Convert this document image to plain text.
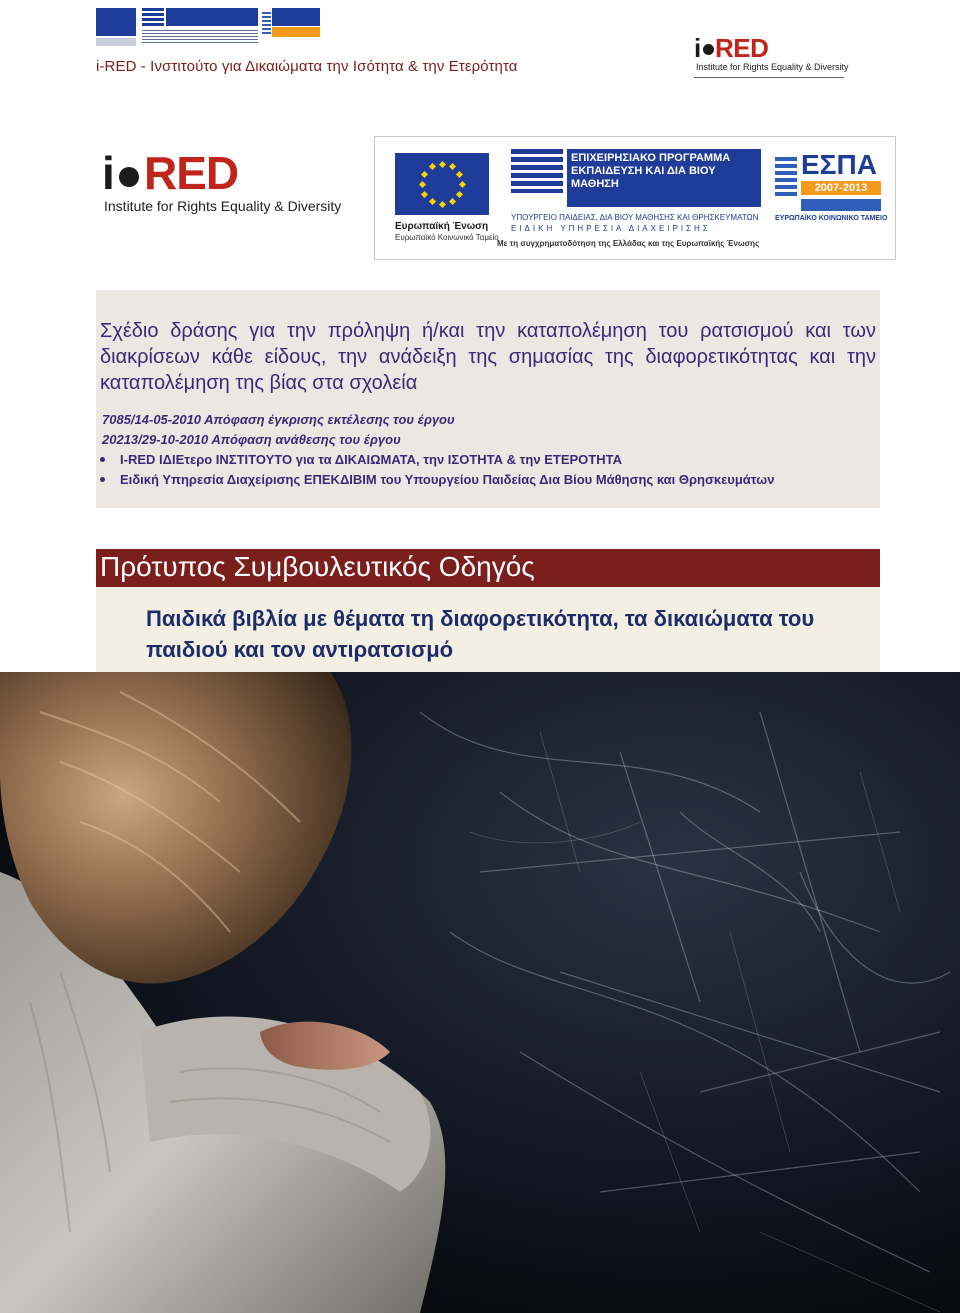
i-RED - Ινστιτούτο για Δικαιώματα την Ισότητα & την Ετερότητα
i RED
Institute for Rights Equality & Diversity
i RED
Institute for Rights Equality & Diversity
Ευρωπαϊκή Ένωση
Ευρωπαϊκό Κοινωνικό Ταμείο
ΕΠΙΧΕΙΡΗΣΙΑΚΟ ΠΡΟΓΡΑΜΜΑ ΕΚΠΑΙΔΕΥΣΗ ΚΑΙ ΔΙΑ ΒΙΟΥ ΜΑΘΗΣΗ
ΥΠΟΥΡΓΕΙΟ ΠΑΙΔΕΙΑΣ, ΔΙΑ ΒΙΟΥ ΜΑΘΗΣΗΣ ΚΑΙ ΘΡΗΣΚΕΥΜΑΤΩΝ
ΕΙΔΙΚΗ ΥΠΗΡΕΣΙΑ ΔΙΑΧΕΙΡΙΣΗΣ
Με τη συγχρηματοδότηση της Ελλάδας και της Ευρωπαϊκής Ένωσης
ΕΣΠΑ
2007-2013
ΕΥΡΩΠΑΪΚΟ ΚΟΙΝΩΝΙΚΟ ΤΑΜΕΙΟ
Σχέδιο δράσης για την πρόληψη ή/και την καταπολέμηση του ρατσισμού και των διακρίσεων κάθε είδους, την ανάδειξη της σημασίας της διαφορετικότητας και την καταπολέμηση της βίας στα σχολεία
7085/14-05-2010 Απόφαση έγκρισης εκτέλεσης του έργου
20213/29-10-2010 Απόφαση ανάθεσης του έργου
I-RED ΙΔΙΕτερο ΙΝΣΤΙΤΟΥΤΟ για τα ΔΙΚΑΙΩΜΑΤΑ, την ΙΣΟΤΗΤΑ & την ΕΤΕΡΟΤΗΤΑ
Ειδική Υπηρεσία Διαχείρισης ΕΠΕΚΔΙΒΙΜ του Υπουργείου Παιδείας Δια Βίου Μάθησης και Θρησκευμάτων
Πρότυπος Συμβουλευτικός Οδηγός
Παιδικά βιβλία με θέματα τη διαφορετικότητα, τα δικαιώματα του παιδιού και τον αντιρατσισμό
